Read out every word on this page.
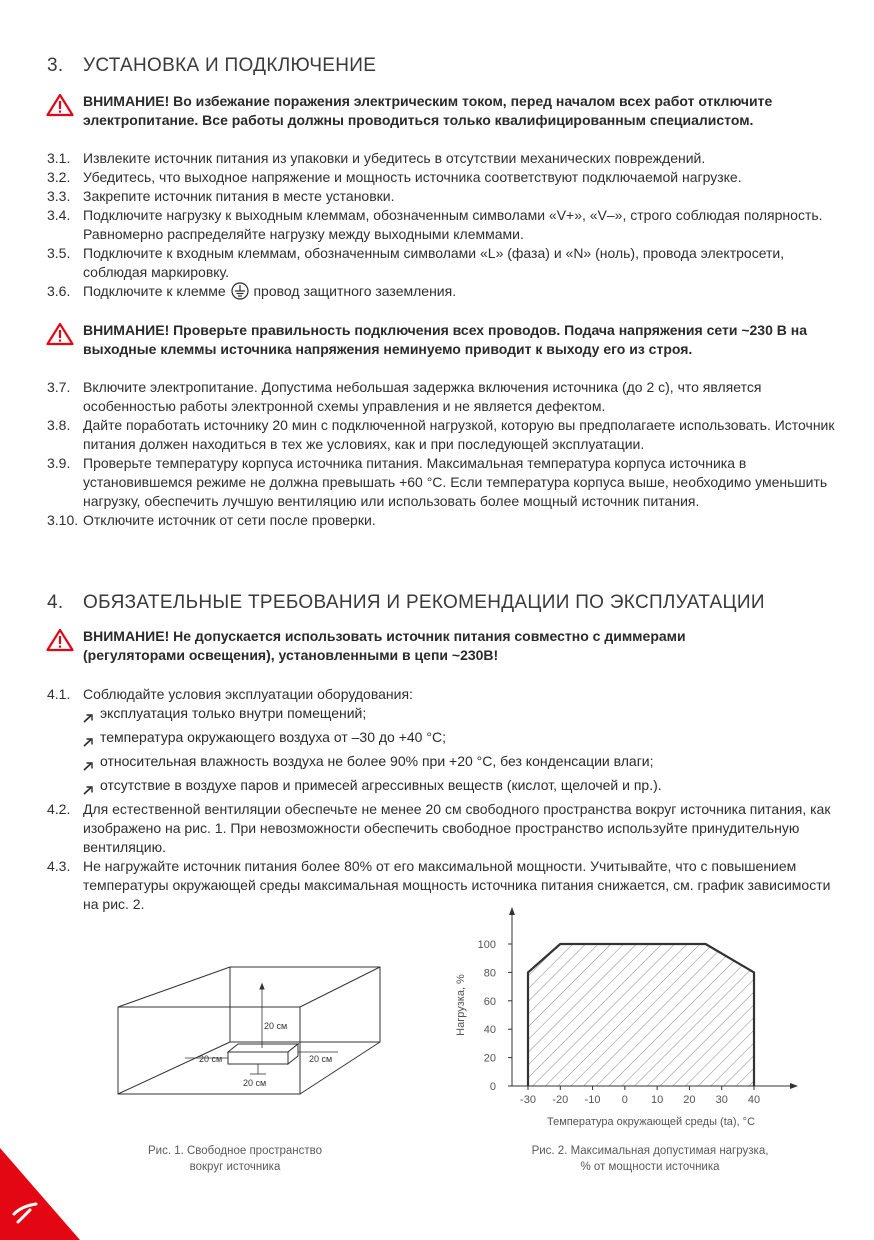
3. УСТАНОВКА И ПОДКЛЮЧЕНИЕ
ВНИМАНИЕ! Во избежание поражения электрическим током, перед началом всех работ отключите электропитание. Все работы должны проводиться только квалифицированным специалистом.
3.1. Извлеките источник питания из упаковки и убедитесь в отсутствии механических повреждений.
3.2. Убедитесь, что выходное напряжение и мощность источника соответствуют подключаемой нагрузке.
3.3. Закрепите источник питания в месте установки.
3.4. Подключите нагрузку к выходным клеммам, обозначенным символами «V+», «V–», строго соблюдая полярность. Равномерно распределяйте нагрузку между выходными клеммами.
3.5. Подключите к входным клеммам, обозначенным символами «L» (фаза) и «N» (ноль), провода электросети, соблюдая маркировку.
3.6. Подключите к клемме провод защитного заземления.
ВНИМАНИЕ! Проверьте правильность подключения всех проводов. Подача напряжения сети ~230 В на выходные клеммы источника напряжения неминуемо приводит к выходу его из строя.
3.7. Включите электропитание. Допустима небольшая задержка включения источника (до 2 с), что является особенностью работы электронной схемы управления и не является дефектом.
3.8. Дайте поработать источнику 20 мин с подключенной нагрузкой, которую вы предполагаете использовать. Источник питания должен находиться в тех же условиях, как и при последующей эксплуатации.
3.9. Проверьте температуру корпуса источника питания. Максимальная температура корпуса источника в установившемся режиме не должна превышать +60 °C. Если температура корпуса выше, необходимо уменьшить нагрузку, обеспечить лучшую вентиляцию или использовать более мощный источник питания.
3.10. Отключите источник от сети после проверки.
4. ОБЯЗАТЕЛЬНЫЕ ТРЕБОВАНИЯ И РЕКОМЕНДАЦИИ ПО ЭКСПЛУАТАЦИИ
ВНИМАНИЕ! Не допускается использовать источник питания совместно с диммерами (регуляторами освещения), установленными в цепи ~230В!
4.1. Соблюдайте условия эксплуатации оборудования:
эксплуатация только внутри помещений;
температура окружающего воздуха от –30 до +40 °C;
относительная влажность воздуха не более 90% при +20 °C, без конденсации влаги;
отсутствие в воздухе паров и примесей агрессивных веществ (кислот, щелочей и пр.).
4.2. Для естественной вентиляции обеспечьте не менее 20 см свободного пространства вокруг источника питания, как изображено на рис. 1. При невозможности обеспечить свободное пространство используйте принудительную вентиляцию.
4.3. Не нагружайте источник питания более 80% от его максимальной мощности. Учитывайте, что с повышением температуры окружающей среды максимальная мощность источника питания снижается, см. график зависимости на рис. 2.
20 см
20 см	20 см
20 см
Рис. 1. Свободное пространство
вокруг источника
0
20
40
60
80
100
-30 -20 -10 0 10 20 30 40
Температура окружающей среды (ta), °C
Нагрузка, %
Рис. 2. Максимальная допустимая нагрузка,
% от мощности источника
